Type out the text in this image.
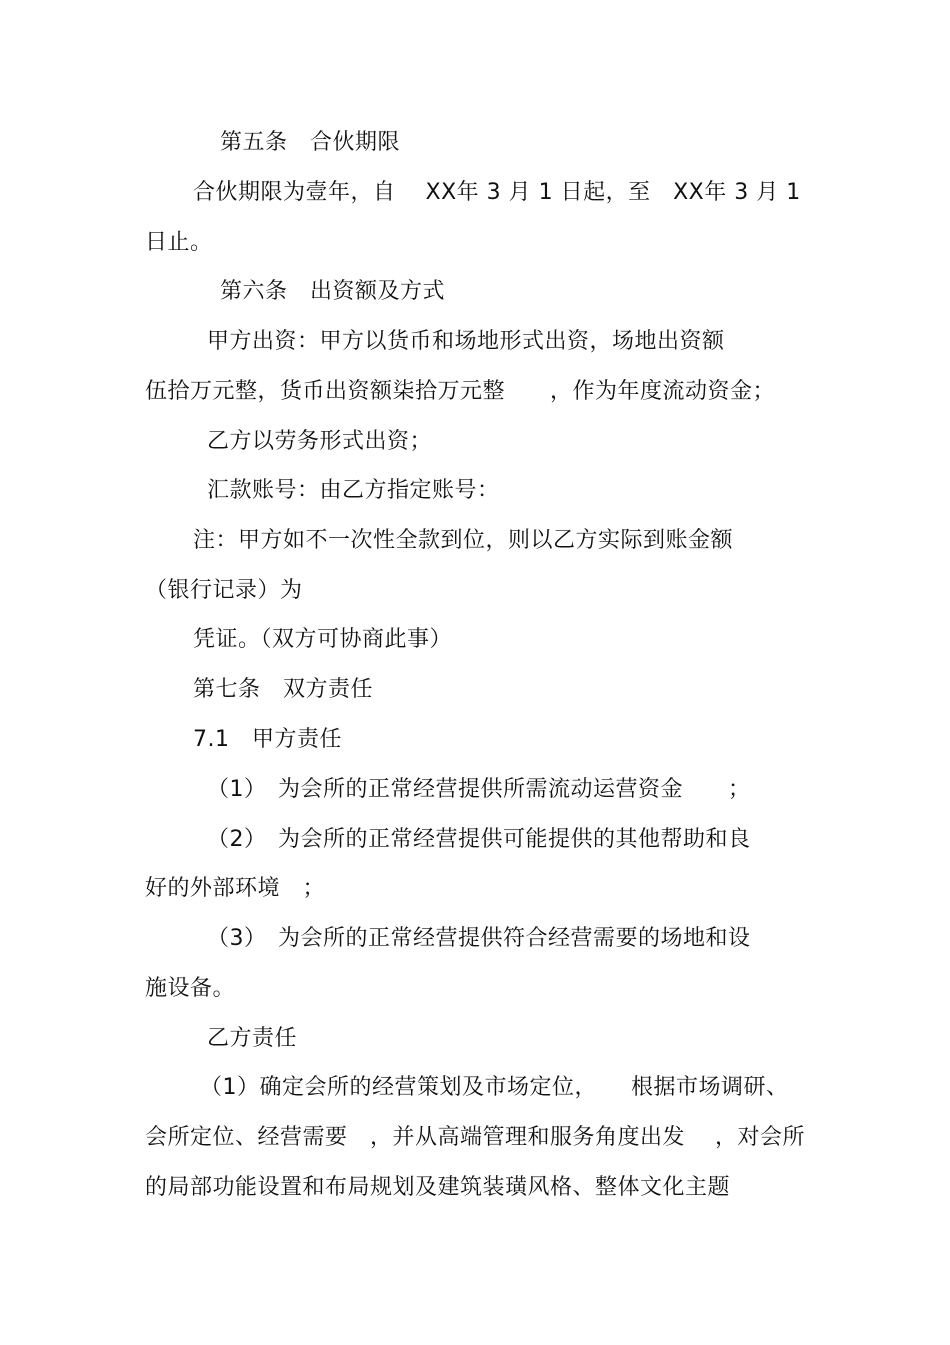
第五条　合伙期限
合伙期限为壹年，自　 XX年 3 月 1 日起，至　XX年 3 月 1
日止。
第六条　出资额及方式
甲方出资：甲方以货币和场地形式出资，场地出资额
伍拾万元整，货币出资额柒拾万元整　　，作为年度流动资金；
乙方以劳务形式出资；
汇款账号：由乙方指定账号：
注：甲方如不一次性全款到位，则以乙方实际到账金额
（银行记录）为
凭证。（双方可协商此事）
第七条　双方责任
7.1　甲方责任
（1）　为会所的正常经营提供所需流动运营资金　　；
（2）　为会所的正常经营提供可能提供的其他帮助和良
好的外部环境　；
（3）　为会所的正常经营提供符合经营需要的场地和设
施设备。
乙方责任
（1）确定会所的经营策划及市场定位，　　根据市场调研、
会所定位、经营需要　，并从高端管理和服务角度出发　 ，对会所
的局部功能设置和布局规划及建筑装璜风格、整体文化主题
